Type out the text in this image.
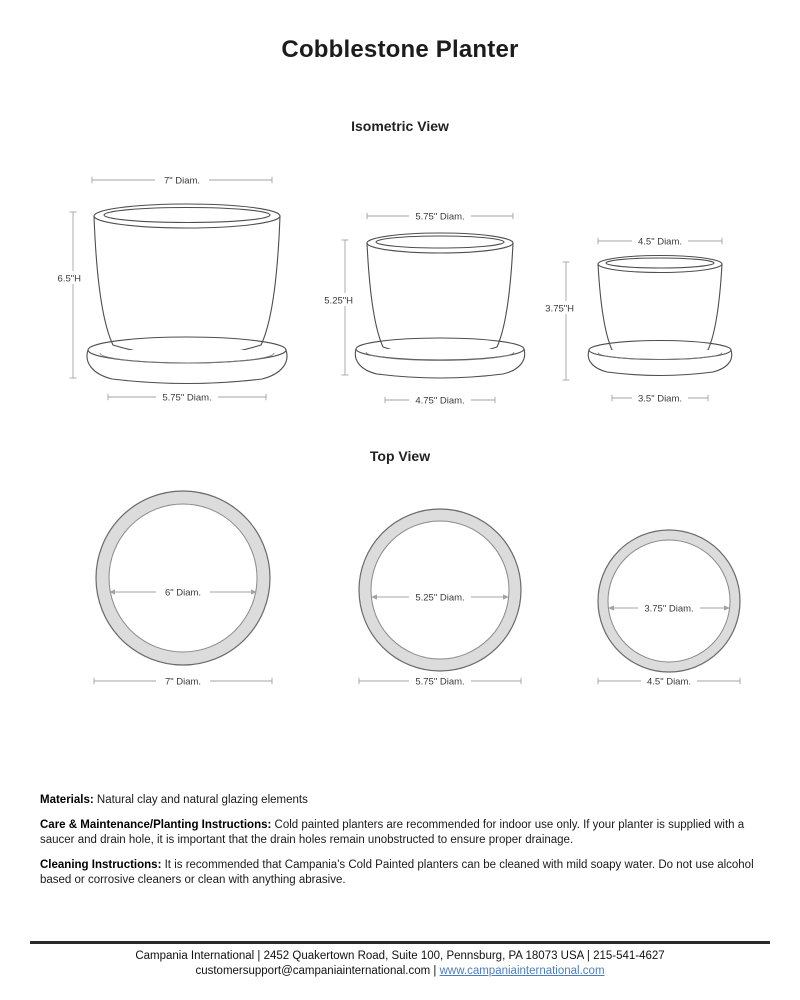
Cobblestone Planter
Isometric View
7" Diam.
6.5"H
5.75" Diam.
5.75" Diam.
5.25"H
4.75" Diam.
4.5" Diam.
3.75"H
3.5" Diam.
Top View
6" Diam.
7" Diam.
5.25" Diam.
5.75" Diam.
3.75" Diam.
4.5" Diam.

Materials: Natural clay and natural glazing elements

Care & Maintenance/Planting Instructions: Cold painted planters are recommended for indoor use only. If your planter is supplied with a saucer and drain hole, it is important that the drain holes remain unobstructed to ensure proper drainage.

Cleaning Instructions: It is recommended that Campania's Cold Painted planters can be cleaned with mild soapy water. Do not use alcohol based or corrosive cleaners or clean with anything abrasive.

Campania International | 2452 Quakertown Road, Suite 100, Pennsburg, PA 18073 USA | 215-541-4627
customersupport@campaniainternational.com | www.campaniainternational.com
